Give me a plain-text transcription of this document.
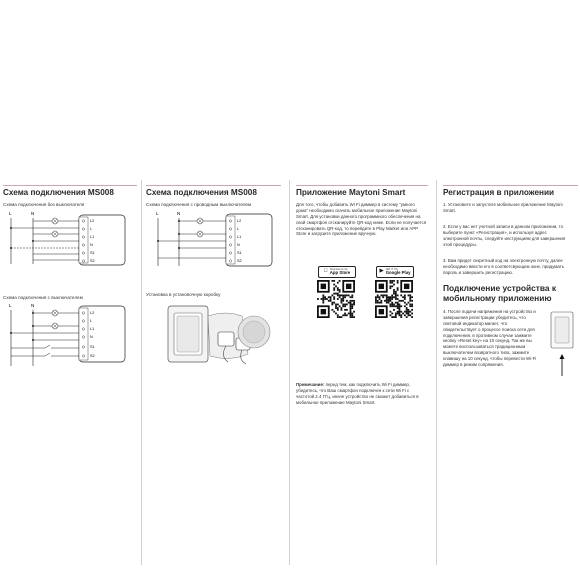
Схема подключения MS008
Схема подключения без выключателя
L	N
L2
L
L1
N
S1
S2
Схема подключения с выключателем
L	N
L2
L
L1
N
S1
S2
Схема подключения MS008
Схема подключения с проводным выключателем
L	N
L2
L
L1
N
S1
S2
Установка в установочную коробку
Приложение Maytoni Smart
Для того, чтобы добавить Wi Fi диммер в систему "умного дома" необходимо скачать мобильное приложение Maytoni Smart. Для установки данного программного обеспечения на свой смартфон отсканируйте QR-код ниже. Если не получается отсканировать QR-код, то перейдите в Play Market или APP Store и загрузите приложение вручную.
Download on the
App Store	▶ GET IT ON
Google Play
Примечание: перед тем, как подключить Wi Fi диммер, убедитесь, что Ваш смартфон подключен к сети Wi Fi с частотой 2.4 ГГц, иначе устройство не сможет добавиться в мобильное приложение Maytoni Smart.
Регистрация в приложении
1. Установите и запустите мобильное приложение Maytoni Smart.
2. Если у вас нет учетной записи в данном приложении, то выберите пункт «Регистрация», и используя адрес электронной почты, следуйте инструкциям для завершения этой процедуры.
3. Вам придет секретный код на электронную почту, далее необходимо ввести его в соответсвующем окне, придумать пароль и завершить регистрацию.
Подключение устройства к мобильному приложению
4. После подачи напряжения на устройство и завершения регистрации убедитесь, что световой индикатор мигает, что свидетельствует о процессе поиска сети для подключения, в противном случае зажмите кнопку «Reset key» на 10 секунд. Так же вы можете воспользоваться традиционным выключателем возвратного типа, зажмите клавишу на 10 секунд, чтобы перевести Wi-Fi диммер в режим сопряжения.
